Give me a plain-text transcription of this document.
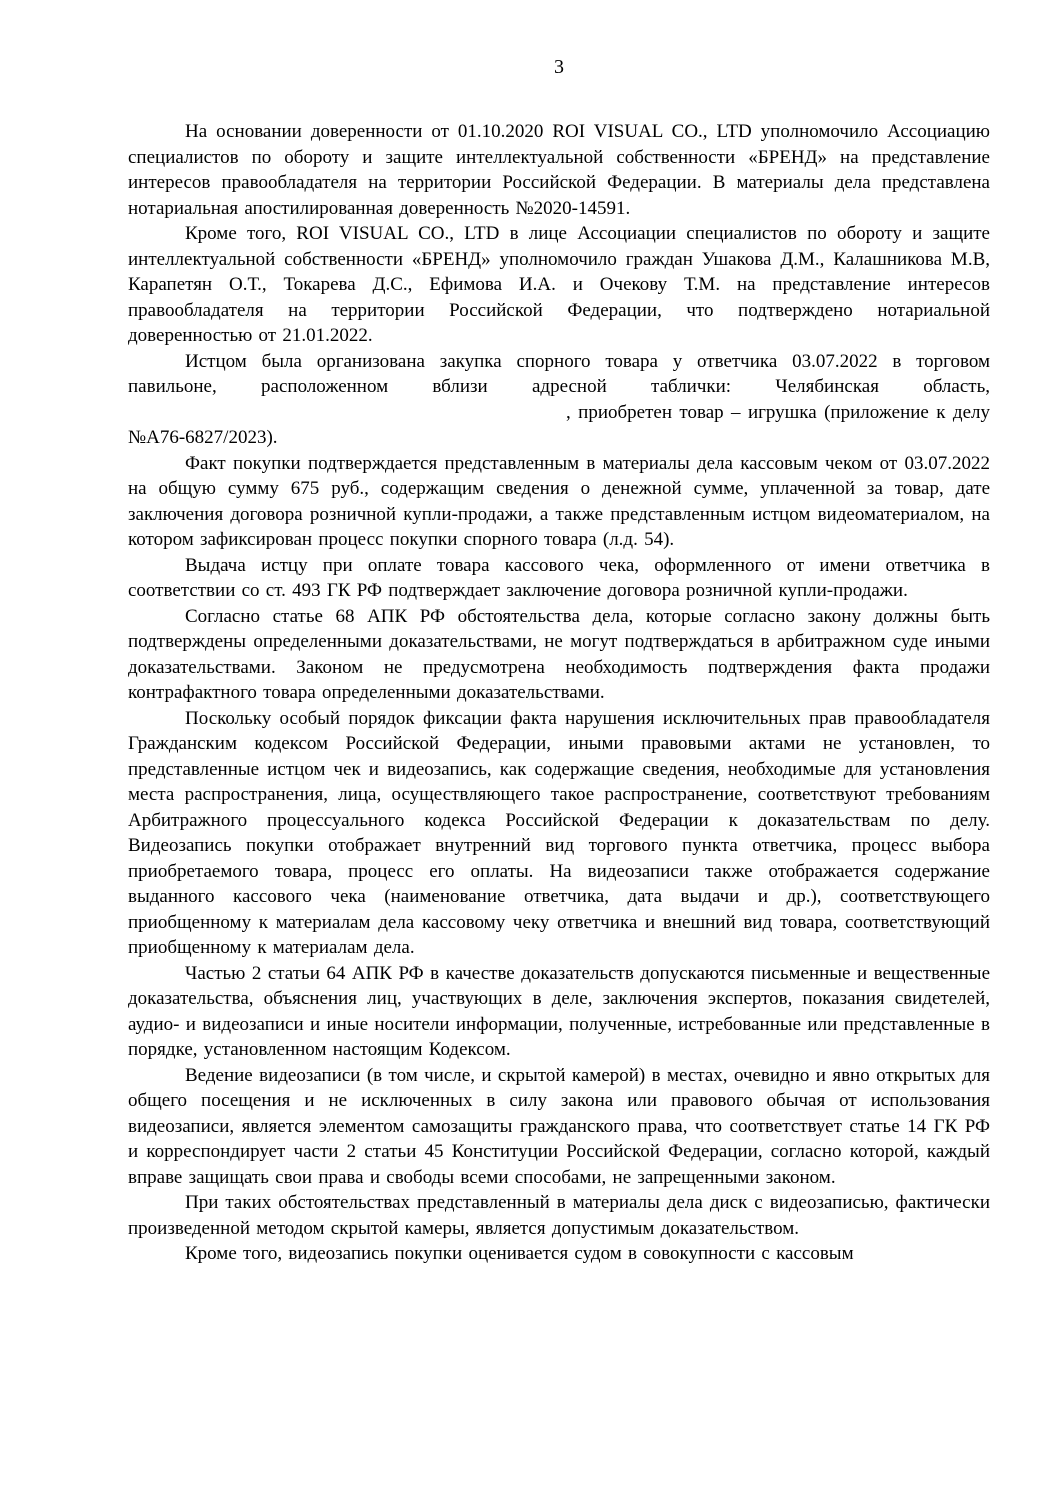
3

На основании доверенности от 01.10.2020 ROI VISUAL CO., LTD уполномочило Ассоциацию специалистов по обороту и защите интеллектуальной собственности «БРЕНД» на представление интересов правообладателя на территории Российской Федерации. В материалы дела представлена нотариальная апостилированная доверенность №2020-14591.

Кроме того, ROI VISUAL CO., LTD в лице Ассоциации специалистов по обороту и защите интеллектуальной собственности «БРЕНД» уполномочило граждан Ушакова Д.М., Калашникова М.В, Карапетян О.Т., Токарева Д.С., Ефимова И.А. и Очекову Т.М. на представление интересов правообладателя на территории Российской Федерации, что подтверждено нотариальной доверенностью от 21.01.2022.

Истцом была организована закупка спорного товара у ответчика 03.07.2022 в торговом павильоне, расположенном вблизи адресной таблички: Челябинская область,, приобретен товар – игрушка (приложение к делу №А76-6827/2023).

Факт покупки подтверждается представленным в материалы дела кассовым чеком от 03.07.2022 на общую сумму 675 руб., содержащим сведения о денежной сумме, уплаченной за товар, дате заключения договора розничной купли-продажи, а также представленным истцом видеоматериалом, на котором зафиксирован процесс покупки спорного товара (л.д. 54).

Выдача истцу при оплате товара кассового чека, оформленного от имени ответчика в соответствии со ст. 493 ГК РФ подтверждает заключение договора розничной купли-продажи.

Согласно статье 68 АПК РФ обстоятельства дела, которые согласно закону должны быть подтверждены определенными доказательствами, не могут подтверждаться в арбитражном суде иными доказательствами. Законом не предусмотрена необходимость подтверждения факта продажи контрафактного товара определенными доказательствами.

Поскольку особый порядок фиксации факта нарушения исключительных прав правообладателя Гражданским кодексом Российской Федерации, иными правовыми актами не установлен, то представленные истцом чек и видеозапись, как содержащие сведения, необходимые для установления места распространения, лица, осуществляющего такое распространение, соответствуют требованиям Арбитражного процессуального кодекса Российской Федерации к доказательствам по делу. Видеозапись покупки отображает внутренний вид торгового пункта ответчика, процесс выбора приобретаемого товара, процесс его оплаты. На видеозаписи также отображается содержание выданного кассового чека (наименование ответчика, дата выдачи и др.), соответствующего приобщенному к материалам дела кассовому чеку ответчика и внешний вид товара, соответствующий приобщенному к материалам дела.

Частью 2 статьи 64 АПК РФ в качестве доказательств допускаются письменные и вещественные доказательства, объяснения лиц, участвующих в деле, заключения экспертов, показания свидетелей, аудио- и видеозаписи и иные носители информации, полученные, истребованные или представленные в порядке, установленном настоящим Кодексом.

Ведение видеозаписи (в том числе, и скрытой камерой) в местах, очевидно и явно открытых для общего посещения и не исключенных в силу закона или правового обычая от использования видеозаписи, является элементом самозащиты гражданского права, что соответствует статье 14 ГК РФ и корреспондирует части 2 статьи 45 Конституции Российской Федерации, согласно которой, каждый вправе защищать свои права и свободы всеми способами, не запрещенными законом.

При таких обстоятельствах представленный в материалы дела диск с видеозаписью, фактически произведенной методом скрытой камеры, является допустимым доказательством.

Кроме того, видеозапись покупки оценивается судом в совокупности с кассовым
